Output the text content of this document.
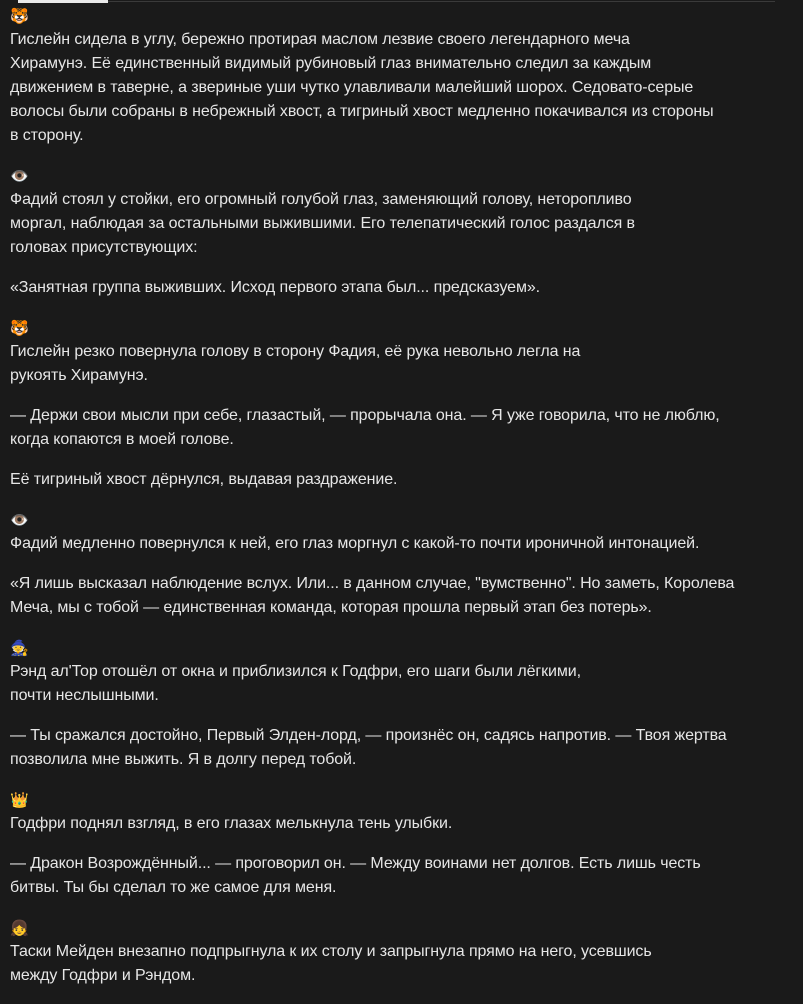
🐯
Гислейн сидела в углу, бережно протирая маслом лезвие своего легендарного меча
Хирамунэ. Её единственный видимый рубиновый глаз внимательно следил за каждым
движением в таверне, а звериные уши чутко улавливали малейший шорох. Седовато-серые
волосы были собраны в небрежный хвост, а тигриный хвост медленно покачивался из стороны
в сторону.

👁️
Фадий стоял у стойки, его огромный голубой глаз, заменяющий голову, неторопливо
моргал, наблюдая за остальными выжившими. Его телепатический голос раздался в
головах присутствующих:

«Занятная группа выживших. Исход первого этапа был... предсказуем».

🐯
Гислейн резко повернула голову в сторону Фадия, её рука невольно легла на
рукоять Хирамунэ.

— Держи свои мысли при себе, глазастый, — прорычала она. — Я уже говорила, что не люблю,
когда копаются в моей голове.

Её тигриный хвост дёрнулся, выдавая раздражение.

👁️
Фадий медленно повернулся к ней, его глаз моргнул с какой-то почти ироничной интонацией.

«Я лишь высказал наблюдение вслух. Или... в данном случае, "вумственно". Но заметь, Королева
Меча, мы с тобой — единственная команда, которая прошла первый этап без потерь».

🧙
Рэнд ал'Тор отошёл от окна и приблизился к Годфри, его шаги были лёгкими,
почти неслышными.

— Ты сражался достойно, Первый Элден-лорд, — произнёс он, садясь напротив. — Твоя жертва
позволила мне выжить. Я в долгу перед тобой.

👑
Годфри поднял взгляд, в его глазах мелькнула тень улыбки.

— Дракон Возрождённый... — проговорил он. — Между воинами нет долгов. Есть лишь честь
битвы. Ты бы сделал то же самое для меня.

👧
Таски Мейден внезапно подпрыгнула к их столу и запрыгнула прямо на него, усевшись
между Годфри и Рэндом.
